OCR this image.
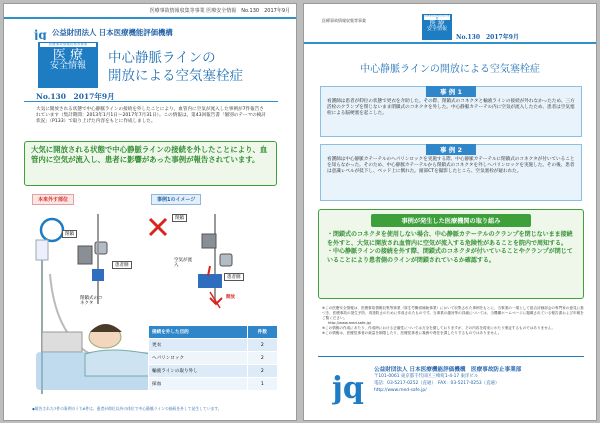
医療事故情報収集等事業 医療安全情報　No.130　2017年9月
jq 公益財団法人 日本医療機能評価機構
医療事故情報収集等事業
医 療
安全情報
中心静脈ラインの
開放による空気塞栓症
No.130　2017年9月
大気に開放される状態で中心静脈ラインの接続を外したことにより、血管内に空気が流入した事例が7件報告されています（集計期間：2013年1月1日〜2017年7月31日）。この情報は、第43回報告書「個別のテーマの検討状況」（P133）で取り上げた内容をもとに作成しました。
大気に開放される状態で中心静脈ラインの接続を外したことにより、血管内に空気が流入し、患者に影響があった事例が報告されています。
本来外す部位	事例1のイメージ
閉鎖
患者側
閉鎖式のコネクタ
閉鎖
空気が流入
患者側
開放
接続を外した目的	件数
更衣	2
ヘパリンロック	2
輸液ラインの取り外し	2
採血	1
◆報告された7件の事例のうち6件は、患者が仰位以外の体位で中心静脈ラインの接続を外して発生しています。
医療事故情報収集等事業
医療事故情報収集等事業
医 療
安全情報
No.130　2017年9月
中心静脈ラインの開放による空気塞栓症
事 例 1
看護師は患者が仰位の状態で更衣を介助した。その際、閉鎖式のコネクタと輸液ラインの接続が外れなかったため、三方活栓のクランプを閉じないまま閉鎖式のコネクタを外した。中心静脈カテーテル内に空気が流入したため、患者は空気塞栓による脳梗塞を起こした。
事 例 2
看護師は中心静脈カテーテルのヘパリンロックを実施する際、中心静脈カテーテルに閉鎖式のコネクタが付いていることを知らなかった。そのため、中心静脈カテーテルから閉鎖式のコネクタを外しヘパリンロックを実施した。その後、患者は意識レベルが低下し、ベッド上に倒れた。頭部CTを撮影したところ、空気塞栓が疑われた。
事例が発生した医療機関の取り組み
・閉鎖式のコネクタを使用しない場合、中心静脈カテーテルのクランプを閉じないまま接続を外すと、大気に開放され血管内に空気が流入する危険性があることを院内で周知する。
・中心静脈ラインの接続を外す際、閉鎖式のコネクタが付いていることやクランプが閉じていることにより患者側のラインが閉鎖されているか確認する。
※この医療安全情報は、医療事故情報収集等事業（厚生労働省補助事業）において収集された事例をもとに、当事業の一環として総合評価部会の専門家の意見に基づき、医療事故の発生予防、再発防止のために作成されたものです。当事業の趣旨等の詳細については、当機構ホームページに掲載されている報告書および年報をご覧ください。
http://www.med-safe.jp/
※この情報の作成にあたり、作成時における正確性については万全を期しておりますが、その内容を将来にわたり保証するものではありません。
※この情報は、医療従事者の裁量を制限したり、医療従事者に義務や責任を課したりするものではありません。
jq
公益財団法人 日本医療機能評価機構　医療事故防止事業部
〒101-0061 東京都千代田区三崎町1-4-17 東洋ビル
電話：03-5217-0252（直通）　FAX：03-5217-0253（直通）
http://www.med-safe.jp/
